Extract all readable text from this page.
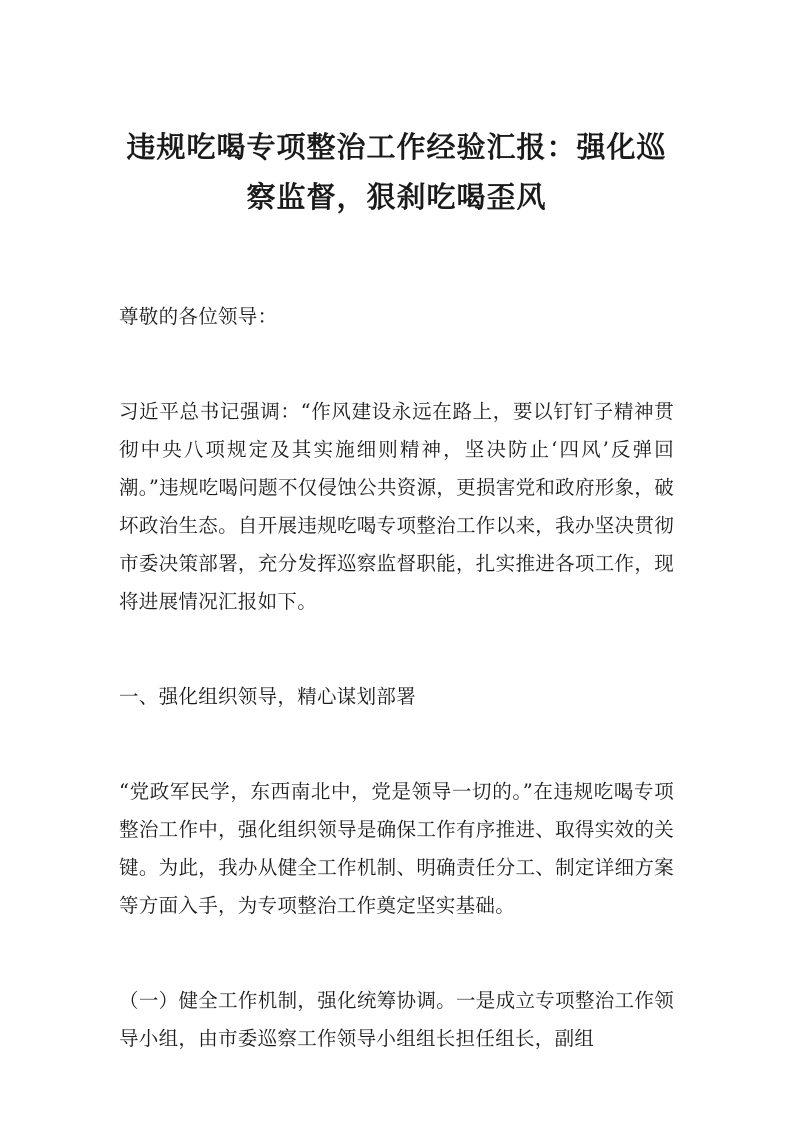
违规吃喝专项整治工作经验汇报：强化巡察监督，狠刹吃喝歪风

尊敬的各位领导：

习近平总书记强调：“作风建设永远在路上，要以钉钉子精神贯彻中央八项规定及其实施细则精神，坚决防止‘四风’反弹回潮。”违规吃喝问题不仅侵蚀公共资源，更损害党和政府形象，破坏政治生态。自开展违规吃喝专项整治工作以来，我办坚决贯彻市委决策部署，充分发挥巡察监督职能，扎实推进各项工作，现将进展情况汇报如下。

一、强化组织领导，精心谋划部署

“党政军民学，东西南北中，党是领导一切的。”在违规吃喝专项整治工作中，强化组织领导是确保工作有序推进、取得实效的关键。为此，我办从健全工作机制、明确责任分工、制定详细方案等方面入手，为专项整治工作奠定坚实基础。

（一）健全工作机制，强化统筹协调。一是成立专项整治工作领导小组，由市委巡察工作领导小组组长担任组长，副组
